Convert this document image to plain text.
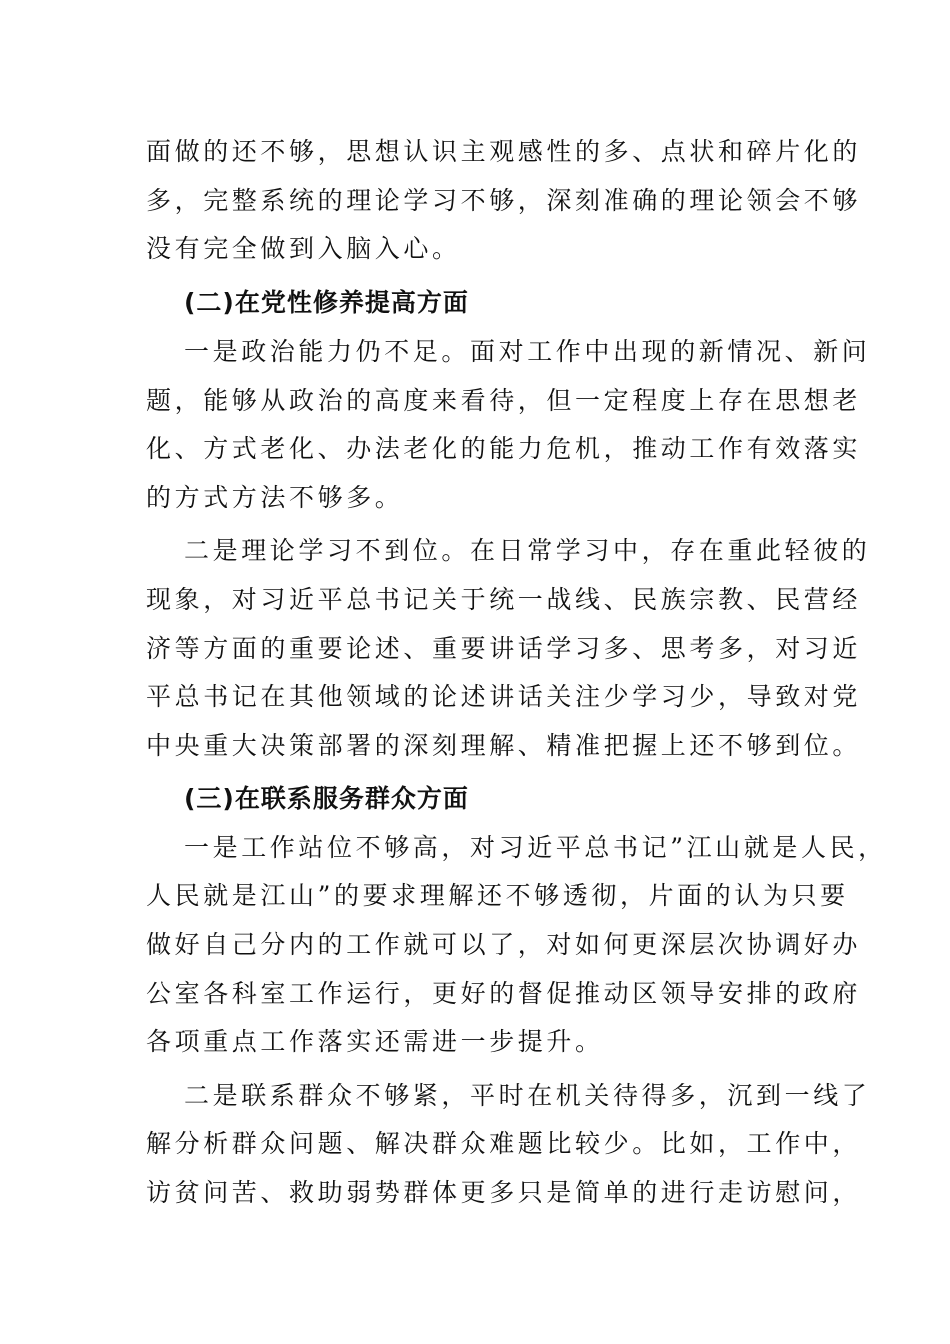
面做的还不够，思想认识主观感性的多、点状和碎片化的
多，完整系统的理论学习不够，深刻准确的理论领会不够
没有完全做到入脑入心。
(二)在党性修养提高方面
一是政治能力仍不足。面对工作中出现的新情况、新问
题，能够从政治的高度来看待，但一定程度上存在思想老
化、方式老化、办法老化的能力危机，推动工作有效落实
的方式方法不够多。
二是理论学习不到位。在日常学习中，存在重此轻彼的
现象，对习近平总书记关于统一战线、民族宗教、民营经
济等方面的重要论述、重要讲话学习多、思考多，对习近
平总书记在其他领域的论述讲话关注少学习少，导致对党
中央重大决策部署的深刻理解、精准把握上还不够到位。
(三)在联系服务群众方面
一是工作站位不够高，对习近平总书记”江山就是人民，
人民就是江山”的要求理解还不够透彻，片面的认为只要
做好自己分内的工作就可以了，对如何更深层次协调好办
公室各科室工作运行，更好的督促推动区领导安排的政府
各项重点工作落实还需进一步提升。
二是联系群众不够紧，平时在机关待得多，沉到一线了
解分析群众问题、解决群众难题比较少。比如，工作中，
访贫问苦、救助弱势群体更多只是简单的进行走访慰问，
